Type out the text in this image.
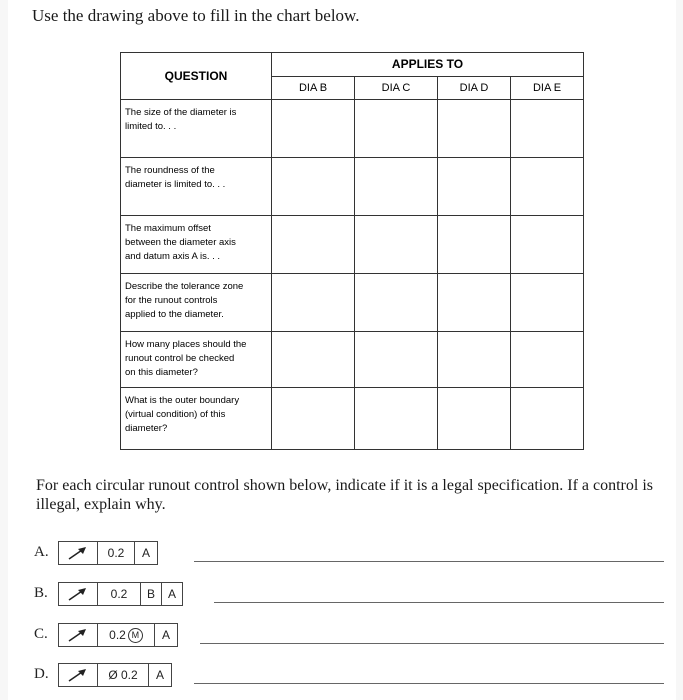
Use the drawing above to fill in the chart below.
QUESTION	APPLIES TO			
	DIA B	DIA C	DIA D	DIA E

The size of the diameter is
limited to. . .				

The roundness of the
diameter is limited to. . .				

The maximum offset
between the diameter axis
and datum axis A is. . .				

Describe the tolerance zone
for the runout controls
applied to the diameter.				

How many places should the
runout control be checked
on this diameter?				

What is the outer boundary
(virtual condition) of this
diameter?				

For each circular runout control shown below, indicate if it is a legal specification. If a control is illegal, explain why.
A.	0.2	A
B.	0.2	B	A
C.	0.2 M	A
D.	Ø 0.2	A
